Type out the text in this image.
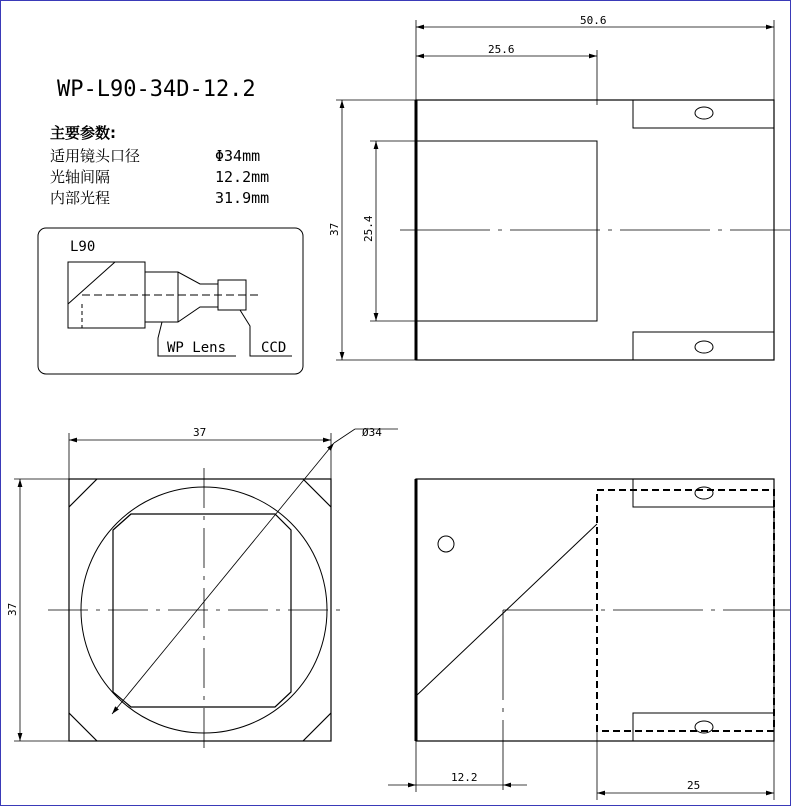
WP-L90-34D-12.2
主要参数:
适用镜头口径	Φ34mm
光轴间隔	12.2mm
内部光程	31.9mm
L90
WP Lens CCD
50.6
25.6
37 25.4
37
37
Ø34
12.2
25
